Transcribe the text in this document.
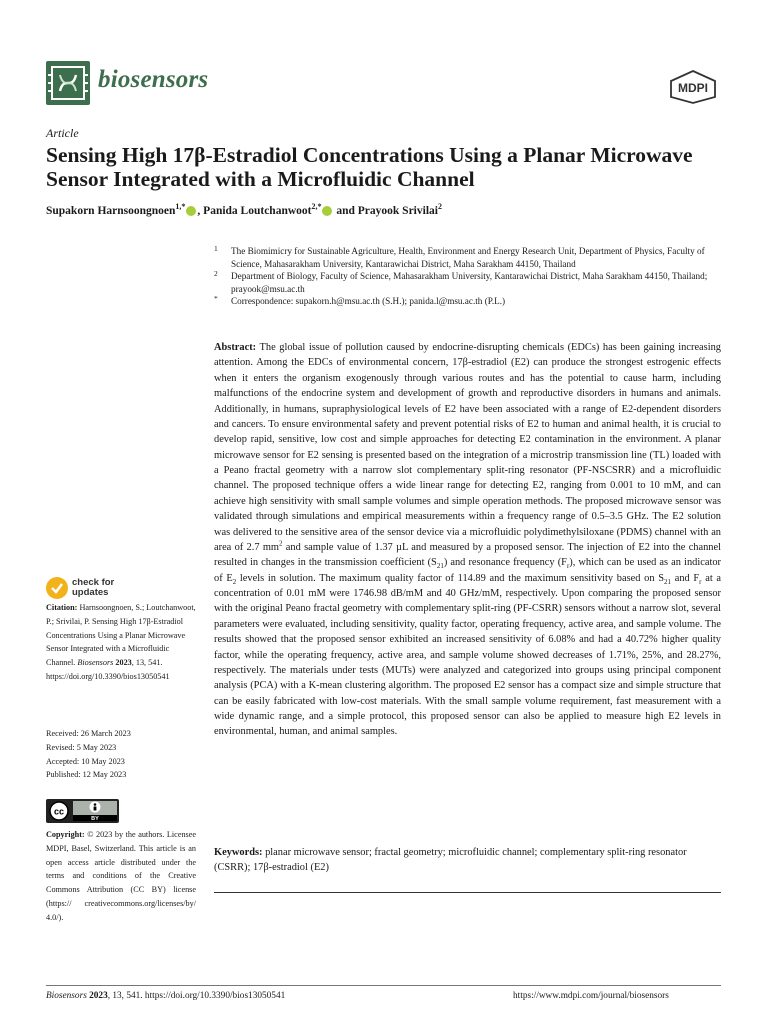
biosensors	MDPI
Article
Sensing High 17β-Estradiol Concentrations Using a Planar Microwave Sensor Integrated with a Microfluidic Channel
Supakorn Harnsoongnoen$^{1,*}$ , Panida Loutchanwoot$^{2,*}$ and Prayook Srivilai$^2$
1 The Biomimicry for Sustainable Agriculture, Health, Environment and Energy Research Unit, Department of Physics, Faculty of Science, Mahasarakham University, Kantarawichai District, Maha Sarakham 44150, Thailand
2 Department of Biology, Faculty of Science, Mahasarakham University, Kantarawichai District, Maha Sarakham 44150, Thailand; prayook@msu.ac.th
* Correspondence: supakorn.h@msu.ac.th (S.H.); panida.l@msu.ac.th (P.L.)
Abstract: The global issue of pollution caused by endocrine-disrupting chemicals (EDCs) has been gaining increasing attention. Among the EDCs of environmental concern, 17β-estradiol (E2) can produce the strongest estrogenic effects when it enters the organism exogenously through various routes and has the potential to cause harm, including malfunctions of the endocrine system and development of growth and reproductive disorders in humans and animals. Additionally, in humans, supraphysiological levels of E2 have been associated with a range of E2-dependent disorders and cancers. To ensure environmental safety and prevent potential risks of E2 to human and animal health, it is crucial to develop rapid, sensitive, low cost and simple approaches for detecting E2 contamination in the environment. A planar microwave sensor for E2 sensing is presented based on the integration of a microstrip transmission line (TL) loaded with a Peano fractal geometry with a narrow slot complementary split-ring resonator (PF-NSCSRR) and a microfluidic channel. The proposed technique offers a wide linear range for detecting E2, ranging from 0.001 to 10 mM, and can achieve high sensitivity with small sample volumes and simple operation methods. The proposed microwave sensor was validated through simulations and empirical measurements within a frequency range of 0.5–3.5 GHz. The E2 solution was delivered to the sensitive area of the sensor device via a microfluidic polydimethylsiloxane (PDMS) channel with an area of 2.7 $mm^2$ and sample value of 1.37 µL and measured by a proposed sensor. The injection of E2 into the channel resulted in changes in the transmission coefficient $(S_{21})$ and resonance frequency $(F_r)$, which can be used as an indicator of $E_2$ levels in solution. The maximum quality factor of 114.89 and the maximum sensitivity based on $S_{21}$ and $F_r$ at a concentration of 0.01 mM were 1746.98 dB/mM and 40 GHz/mM, respectively. Upon comparing the proposed sensor with the original Peano fractal geometry with complementary split-ring (PF-CSRR) sensors without a narrow slot, several parameters were evaluated, including sensitivity, quality factor, operating frequency, active area, and sample volume. The results showed that the proposed sensor exhibited an increased sensitivity of 6.08% and had a 40.72% higher quality factor, while the operating frequency, active area, and sample volume showed decreases of 1.71%, 25%, and 28.27%, respectively. The materials under tests (MUTs) were analyzed and categorized into groups using principal component analysis (PCA) with a K-mean clustering algorithm. The proposed E2 sensor has a compact size and simple structure that can be easily fabricated with low-cost materials. With the small sample volume requirement, fast measurement with a wide dynamic range, and a simple protocol, this proposed sensor can also be applied to measure high E2 levels in environmental, human, and animal samples.
Keywords: planar microwave sensor; fractal geometry; microfluidic channel; complementary split-ring resonator (CSRR); 17β-estradiol (E2)
check for
updates
Citation: Harnsoongnoen, S.; Loutchanwoot, P.; Srivilai, P. Sensing High 17β-Estradiol Concentrations Using a Planar Microwave Sensor Integrated with a Microfluidic Channel. Biosensors 2023, 13, 541. https://doi.org/10.3390/bios13050541
Received: 26 March 2023
Revised: 5 May 2023
Accepted: 10 May 2023
Published: 12 May 2023
cc
BY
Copyright: © 2023 by the authors. Licensee MDPI, Basel, Switzerland. This article is an open access article distributed under the terms and conditions of the Creative Commons Attribution (CC BY) license (https:// creativecommons.org/licenses/by/ 4.0/).
Biosensors 2023, 13, 541. https://doi.org/10.3390/bios13050541	https://www.mdpi.com/journal/biosensors
